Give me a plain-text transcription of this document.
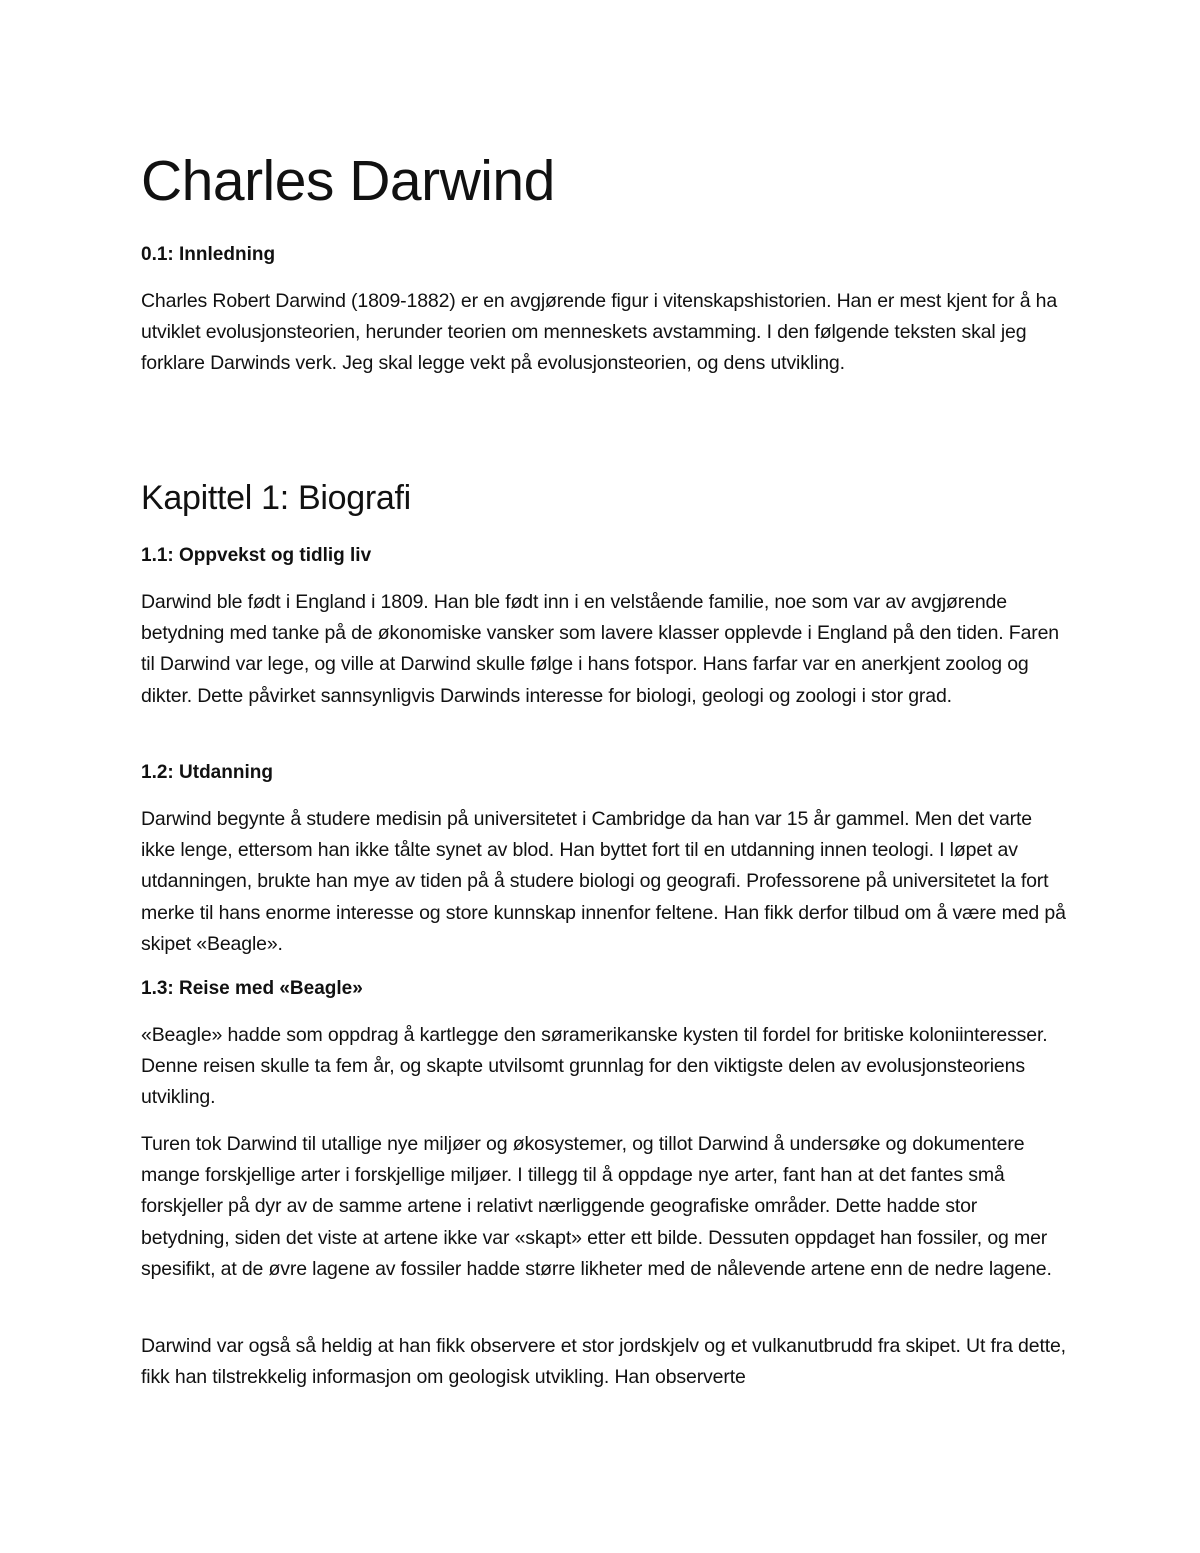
Charles Darwind
0.1: Innledning

Charles Robert Darwind (1809-1882) er en avgjørende figur i vitenskapshistorien. Han er mest kjent for å ha utviklet evolusjonsteorien, herunder teorien om menneskets avstamming. I den følgende teksten skal jeg forklare Darwinds verk. Jeg skal legge vekt på evolusjonsteorien, og dens utvikling.

Kapittel 1: Biografi
1.1: Oppvekst og tidlig liv

Darwind ble født i England i 1809. Han ble født inn i en velstående familie, noe som var av avgjørende betydning med tanke på de økonomiske vansker som lavere klasser opplevde i England på den tiden. Faren til Darwind var lege, og ville at Darwind skulle følge i hans fotspor. Hans farfar var en anerkjent zoolog og dikter. Dette påvirket sannsynligvis Darwinds interesse for biologi, geologi og zoologi i stor grad.

1.2: Utdanning

Darwind begynte å studere medisin på universitetet i Cambridge da han var 15 år gammel. Men det varte ikke lenge, ettersom han ikke tålte synet av blod. Han byttet fort til en utdanning innen teologi. I løpet av utdanningen, brukte han mye av tiden på å studere biologi og geografi. Professorene på universitetet la fort merke til hans enorme interesse og store kunnskap innenfor feltene. Han fikk derfor tilbud om å være med på skipet «Beagle».

1.3: Reise med «Beagle»

«Beagle» hadde som oppdrag å kartlegge den søramerikanske kysten til fordel for britiske koloniinteresser. Denne reisen skulle ta fem år, og skapte utvilsomt grunnlag for den viktigste delen av evolusjonsteoriens utvikling.

Turen tok Darwind til utallige nye miljøer og økosystemer, og tillot Darwind å undersøke og dokumentere mange forskjellige arter i forskjellige miljøer. I tillegg til å oppdage nye arter, fant han at det fantes små forskjeller på dyr av de samme artene i relativt nærliggende geografiske områder. Dette hadde stor betydning, siden det viste at artene ikke var «skapt» etter ett bilde. Dessuten oppdaget han fossiler, og mer spesifikt, at de øvre lagene av fossiler hadde større likheter med de nålevende artene enn de nedre lagene.

Darwind var også så heldig at han fikk observere et stor jordskjelv og et vulkanutbrudd fra skipet. Ut fra dette, fikk han tilstrekkelig informasjon om geologisk utvikling. Han observerte
